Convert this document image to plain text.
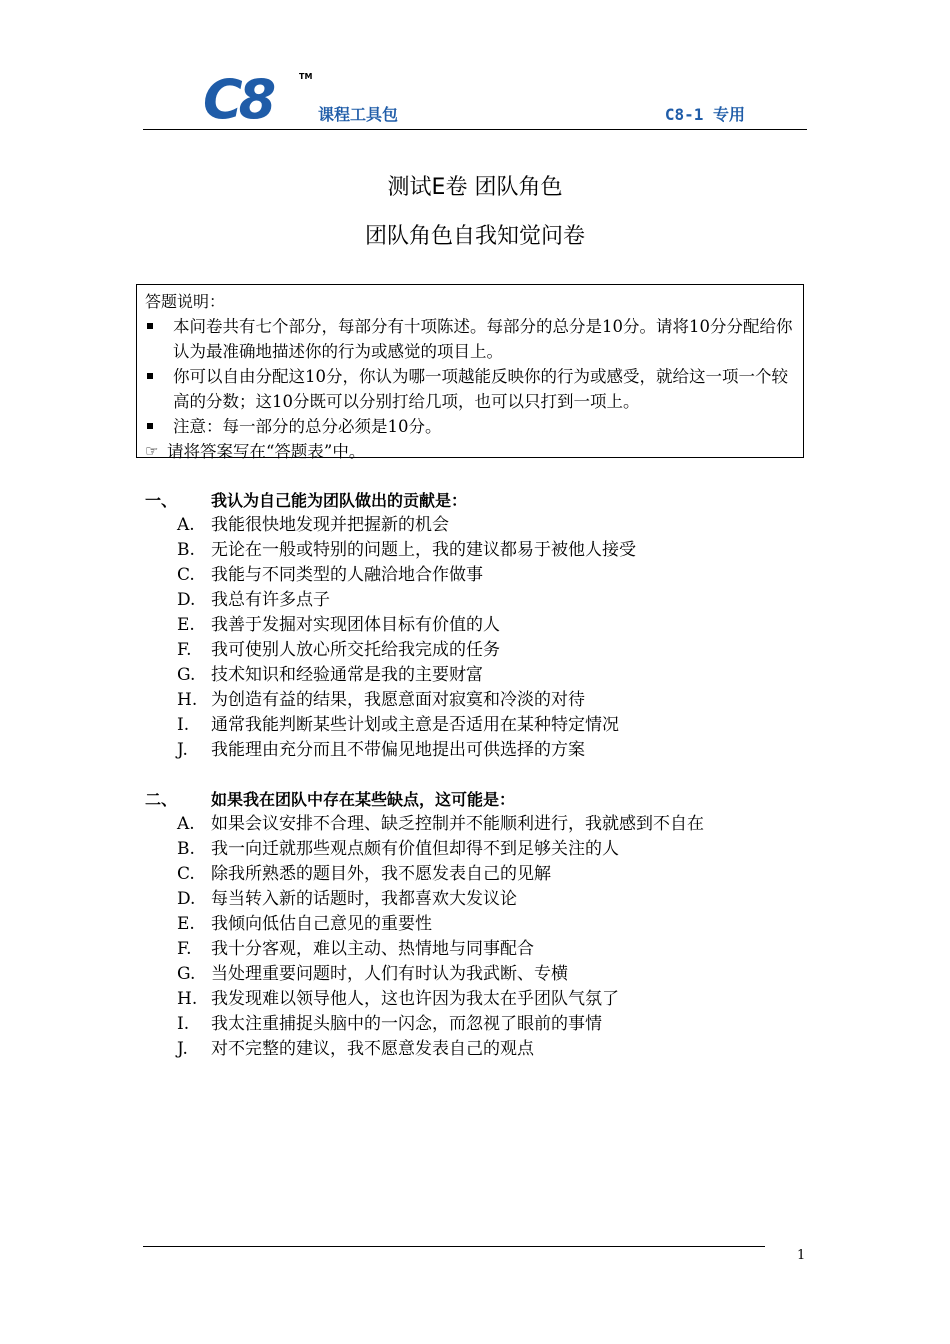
C8	TM
课程工具包	C8-1 专用
测试E卷 团队角色
团队角色自我知觉问卷
答题说明：
本问卷共有七个部分，每部分有十项陈述。每部分的总分是10分。请将10分分配给你认为最准确地描述你的行为或感觉的项目上。
你可以自由分配这10分，你认为哪一项越能反映你的行为或感受，就给这一项一个较高的分数；这10分既可以分别打给几项，也可以只打到一项上。
注意：每一部分的总分必须是10分。
☞ 请将答案写在“答题表”中。
一、 我认为自己能为团队做出的贡献是：
A. 我能很快地发现并把握新的机会
B. 无论在一般或特别的问题上，我的建议都易于被他人接受
C. 我能与不同类型的人融洽地合作做事
D. 我总有许多点子
E. 我善于发掘对实现团体目标有价值的人
F. 我可使别人放心所交托给我完成的任务
G. 技术知识和经验通常是我的主要财富
H. 为创造有益的结果，我愿意面对寂寞和冷淡的对待
I. 通常我能判断某些计划或主意是否适用在某种特定情况
J. 我能理由充分而且不带偏见地提出可供选择的方案
二、 如果我在团队中存在某些缺点，这可能是：
A. 如果会议安排不合理、缺乏控制并不能顺利进行，我就感到不自在
B. 我一向迁就那些观点颇有价值但却得不到足够关注的人
C. 除我所熟悉的题目外，我不愿发表自己的见解
D. 每当转入新的话题时，我都喜欢大发议论
E. 我倾向低估自己意见的重要性
F. 我十分客观，难以主动、热情地与同事配合
G. 当处理重要问题时，人们有时认为我武断、专横
H. 我发现难以领导他人，这也许因为我太在乎团队气氛了
I. 我太注重捕捉头脑中的一闪念，而忽视了眼前的事情
J. 对不完整的建议，我不愿意发表自己的观点
1
